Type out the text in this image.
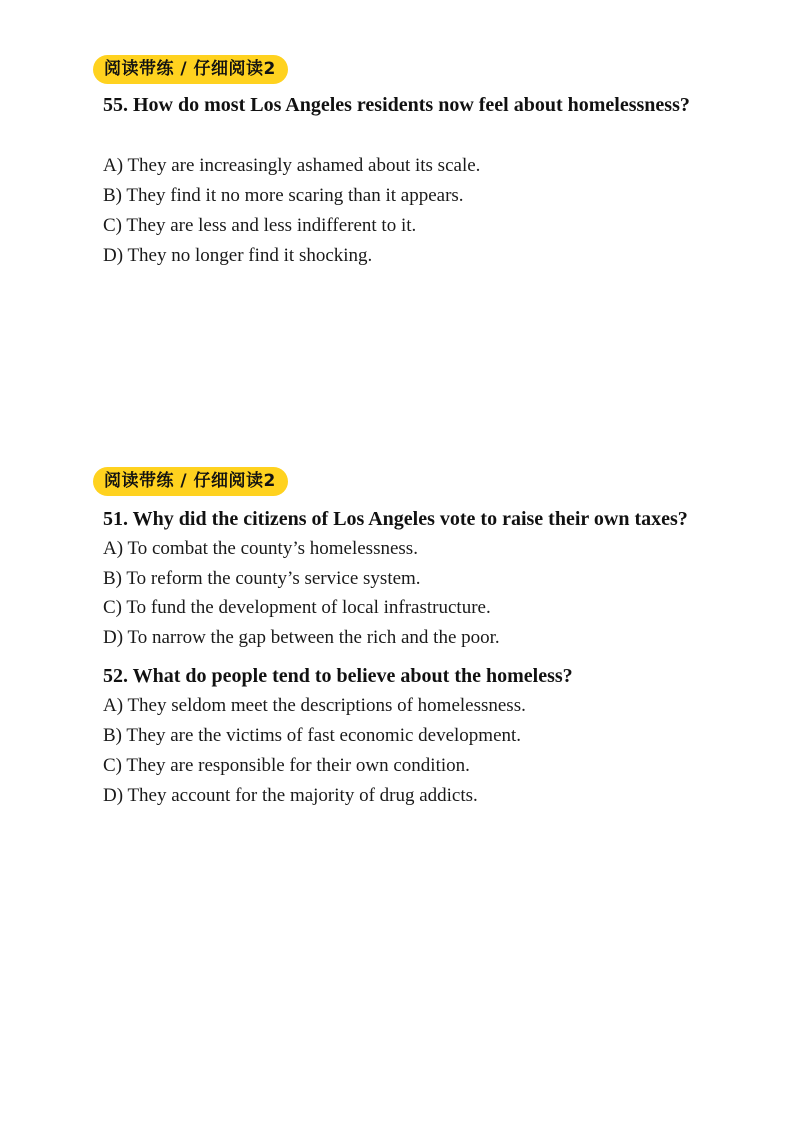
阅读带练 / 仔细阅读2
55. How do most Los Angeles residents now feel about homelessness?
A) They are increasingly ashamed about its scale.
B) They find it no more scaring than it appears.
C) They are less and less indifferent to it.
D) They no longer find it shocking.
阅读带练 / 仔细阅读2
51. Why did the citizens of Los Angeles vote to raise their own taxes?
A) To combat the county’s homelessness.
B) To reform the county’s service system.
C) To fund the development of local infrastructure.
D) To narrow the gap between the rich and the poor.
52. What do people tend to believe about the homeless?
A) They seldom meet the descriptions of homelessness.
B) They are the victims of fast economic development.
C) They are responsible for their own condition.
D) They account for the majority of drug addicts.
